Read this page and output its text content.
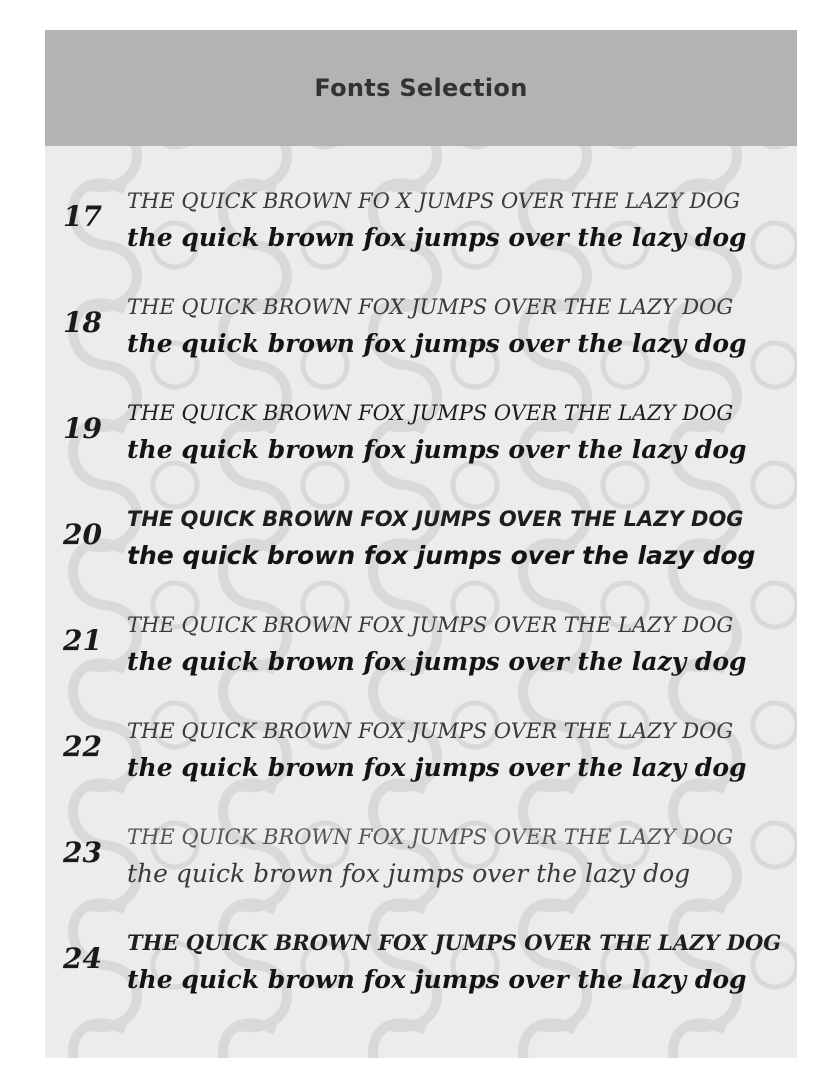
Fonts Selection
17 THE QUICK BROWN FO X JUMPS OVER THE LAZY DOG
the quick brown fox jumps over the lazy dog
18 THE QUICK BROWN FOX JUMPS OVER THE LAZY DOG
the quick brown fox jumps over the lazy dog
19 THE QUICK BROWN FOX JUMPS OVER THE LAZY DOG
the quick brown fox jumps over the lazy dog
20 THE QUICK BROWN FOX JUMPS OVER THE LAZY DOG
the quick brown fox jumps over the lazy dog
21 THE QUICK BROWN FOX JUMPS OVER THE LAZY DOG
the quick brown fox jumps over the lazy dog
22 THE QUICK BROWN FOX JUMPS OVER THE LAZY DOG
the quick brown fox jumps over the lazy dog
23 THE QUICK BROWN FOX JUMPS OVER THE LAZY DOG
the quick brown fox jumps over the lazy dog
24 THE QUICK BROWN FOX JUMPS OVER THE LAZY DOG
the quick brown fox jumps over the lazy dog
